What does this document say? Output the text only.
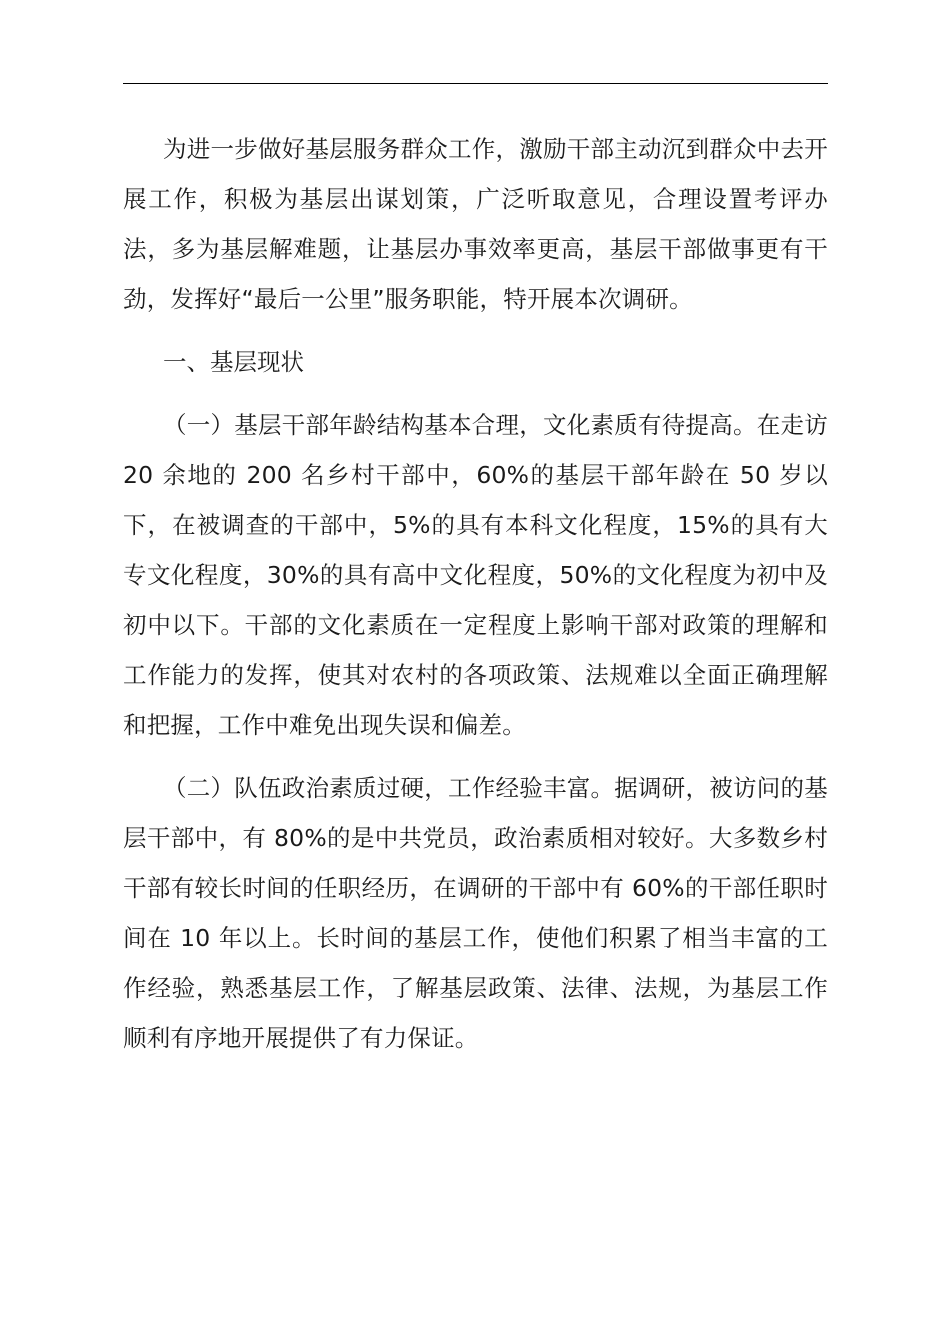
为进一步做好基层服务群众工作，激励干部主动沉到群众中去开展工作，积极为基层出谋划策，广泛听取意见，合理设置考评办法，多为基层解难题，让基层办事效率更高，基层干部做事更有干劲，发挥好“最后一公里”服务职能，特开展本次调研。

一、基层现状

（一）基层干部年龄结构基本合理，文化素质有待提高。在走访 20 余地的 200 名乡村干部中，60%的基层干部年龄在 50 岁以下，在被调查的干部中，5%的具有本科文化程度，15%的具有大专文化程度，30%的具有高中文化程度，50%的文化程度为初中及初中以下。干部的文化素质在一定程度上影响干部对政策的理解和工作能力的发挥，使其对农村的各项政策、法规难以全面正确理解和把握，工作中难免出现失误和偏差。

（二）队伍政治素质过硬，工作经验丰富。据调研，被访问的基层干部中，有 80%的是中共党员，政治素质相对较好。大多数乡村干部有较长时间的任职经历，在调研的干部中有 60%的干部任职时间在 10 年以上。长时间的基层工作，使他们积累了相当丰富的工作经验，熟悉基层工作，了解基层政策、法律、法规，为基层工作顺利有序地开展提供了有力保证。
